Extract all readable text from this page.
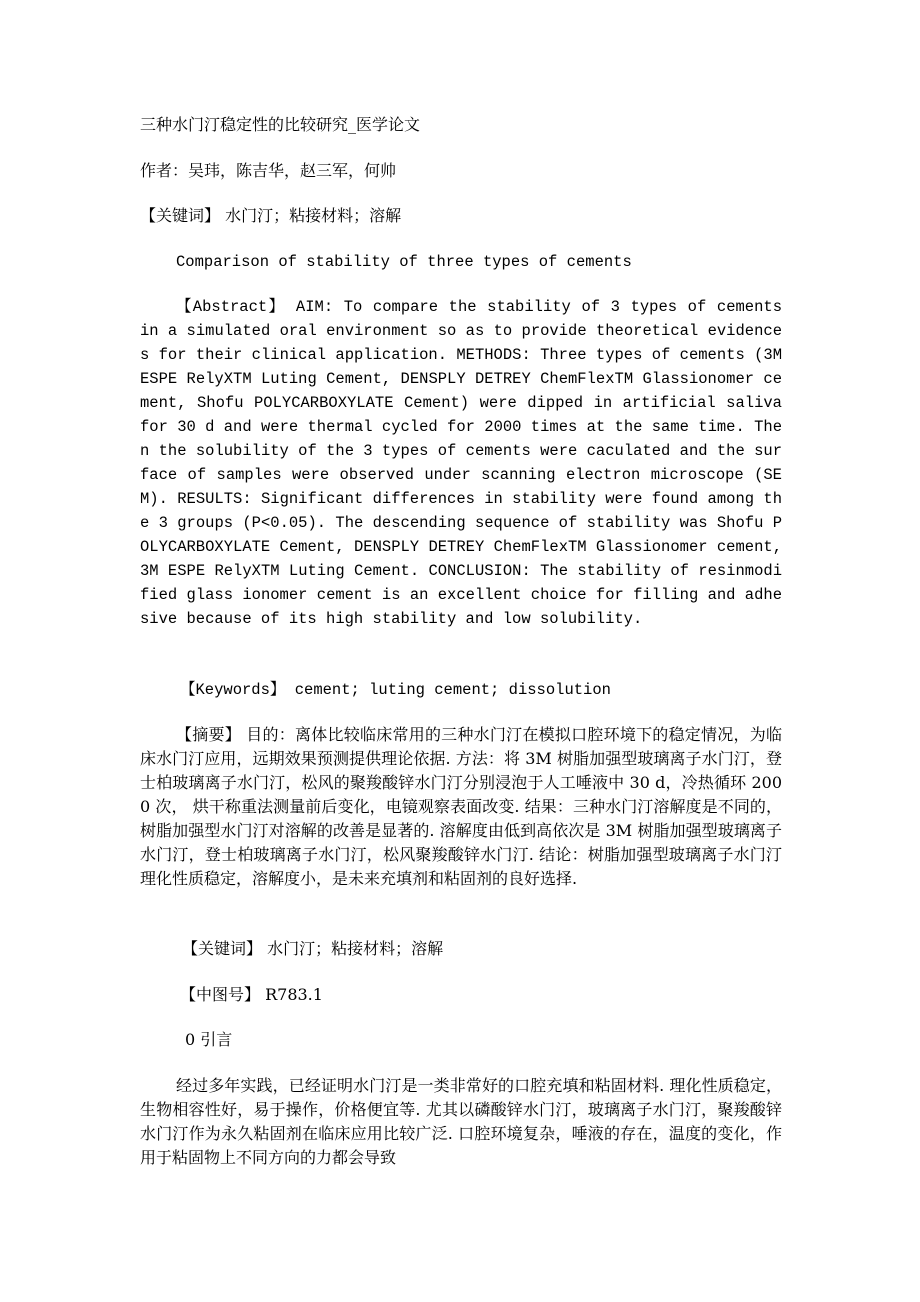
三种水门汀稳定性的比较研究_医学论文
作者：吴玮，陈吉华，赵三军，何帅
【关键词】 水门汀；粘接材料；溶解
Comparison of stability of three types of cements
【Abstract】 AIM: To compare the stability of 3 types of cements in a simulated oral environment so as to provide theoretical evidences for their clinical application. METHODS: Three types of cements (3M ESPE RelyXTM Luting Cement, DENSPLY DETREY ChemFlexTM Glassionomer cement, Shofu POLYCARBOXYLATE Cement) were dipped in artificial saliva for 30 d and were thermal cycled for 2000 times at the same time. Then the solubility of the 3 types of cements were caculated and the surface of samples were observed under scanning electron microscope (SEM). RESULTS: Significant differences in stability were found among the 3 groups (P<0.05). The descending sequence of stability was Shofu POLYCARBOXYLATE Cement, DENSPLY DETREY ChemFlexTM Glassionomer cement, 3M ESPE RelyXTM Luting Cement. CONCLUSION: The stability of resinmodified glass ionomer cement is an excellent choice for filling and adhesive because of its high stability and low solubility.
【Keywords】 cement; luting cement; dissolution
【摘要】 目的：离体比较临床常用的三种水门汀在模拟口腔环境下的稳定情况，为临床水门汀应用，远期效果预测提供理论依据. 方法：将 3M 树脂加强型玻璃离子水门汀，登士柏玻璃离子水门汀，松风的聚羧酸锌水门汀分别浸泡于人工唾液中 30 d，冷热循环 2000 次， 烘干称重法测量前后变化，电镜观察表面改变. 结果：三种水门汀溶解度是不同的，树脂加强型水门汀对溶解的改善是显著的. 溶解度由低到高依次是 3M 树脂加强型玻璃离子水门汀，登士柏玻璃离子水门汀，松风聚羧酸锌水门汀. 结论：树脂加强型玻璃离子水门汀理化性质稳定，溶解度小，是未来充填剂和粘固剂的良好选择.
【关键词】 水门汀；粘接材料；溶解
【中图号】 R783.1
0 引言
经过多年实践，已经证明水门汀是一类非常好的口腔充填和粘固材料. 理化性质稳定，生物相容性好，易于操作，价格便宜等. 尤其以磷酸锌水门汀，玻璃离子水门汀，聚羧酸锌水门汀作为永久粘固剂在临床应用比较广泛. 口腔环境复杂，唾液的存在，温度的变化，作用于粘固物上不同方向的力都会导致
